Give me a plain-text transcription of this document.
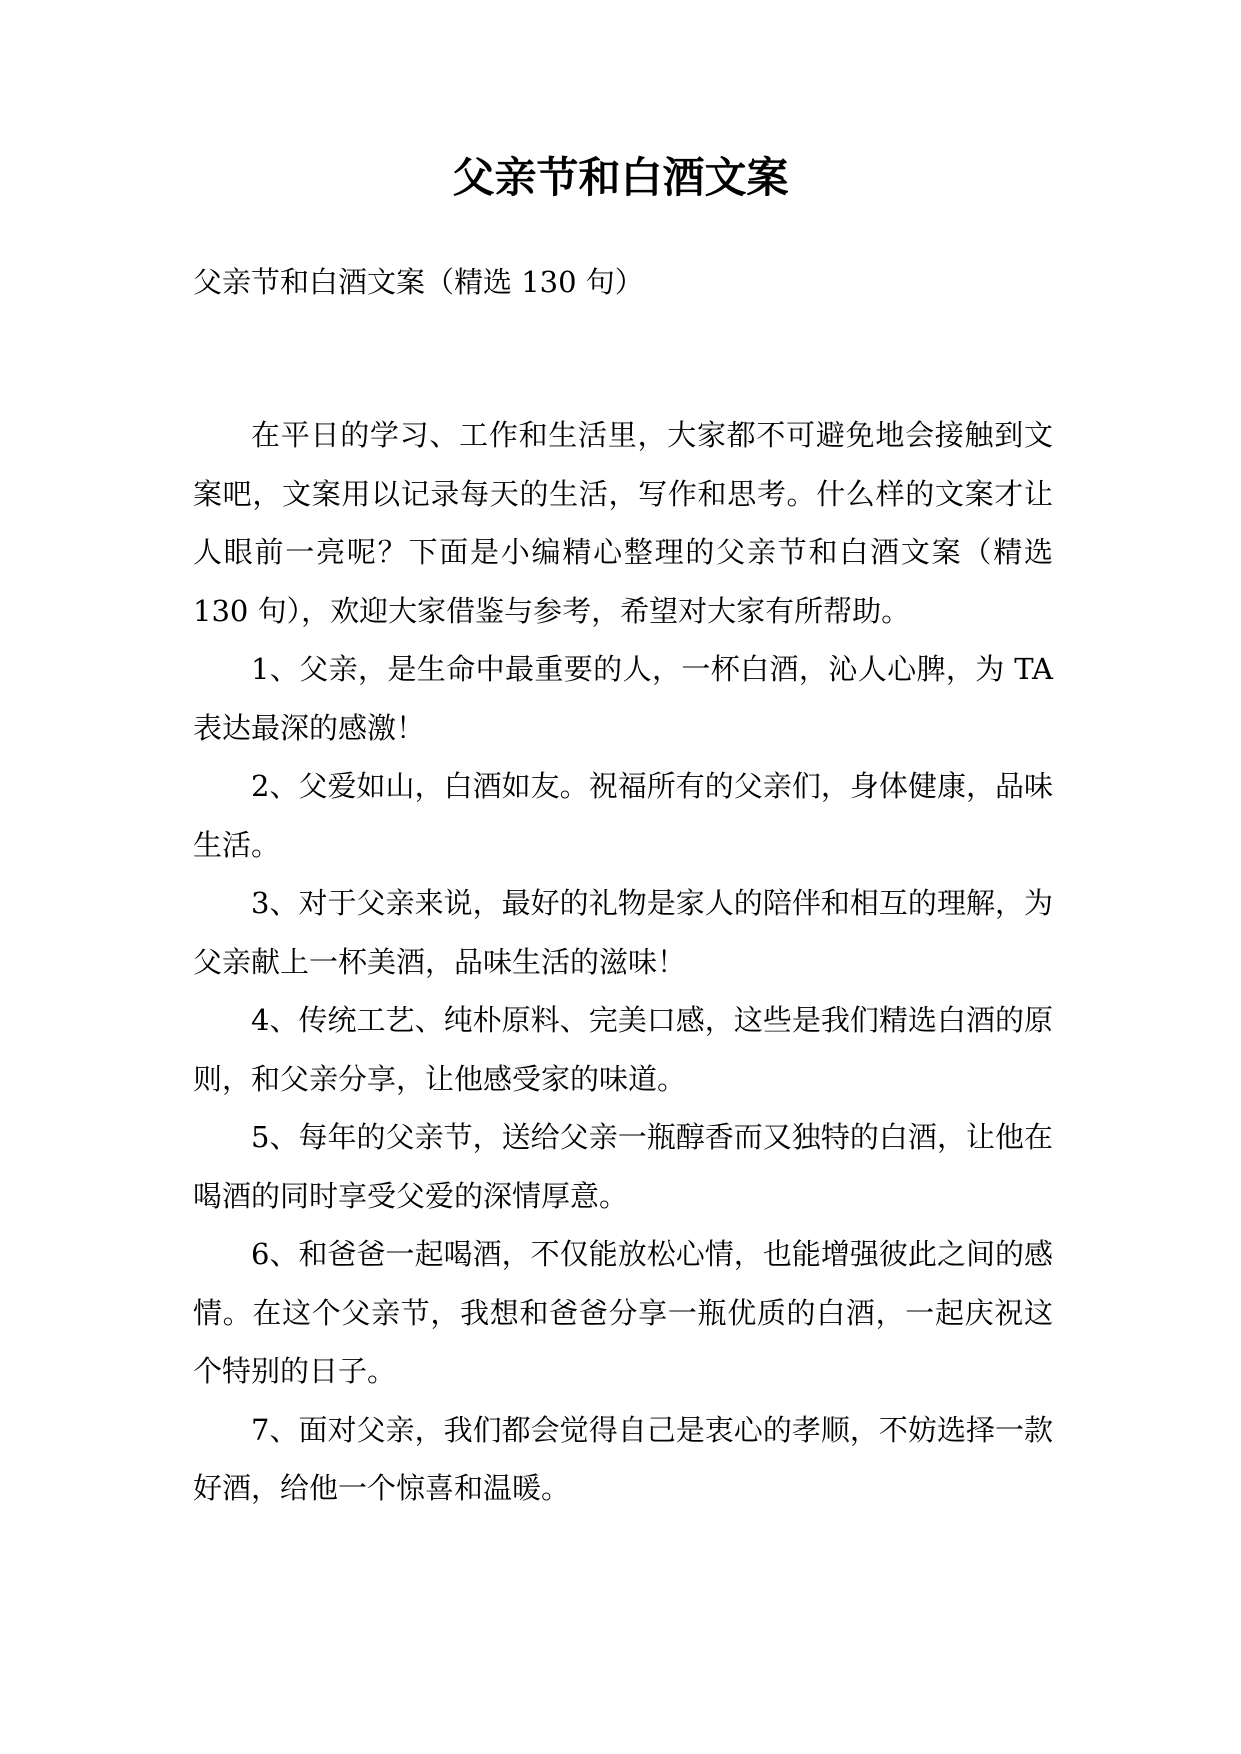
父亲节和白酒文案

父亲节和白酒文案（精选 130 句）

在平日的学习、工作和生活里，大家都不可避免地会接触到文案吧，文案用以记录每天的生活，写作和思考。什么样的文案才让人眼前一亮呢？下面是小编精心整理的父亲节和白酒文案（精选 130 句），欢迎大家借鉴与参考，希望对大家有所帮助。

1、父亲，是生命中最重要的人，一杯白酒，沁人心脾，为 TA 表达最深的感激！

2、父爱如山，白酒如友。祝福所有的父亲们，身体健康，品味生活。

3、对于父亲来说，最好的礼物是家人的陪伴和相互的理解，为父亲献上一杯美酒，品味生活的滋味！

4、传统工艺、纯朴原料、完美口感，这些是我们精选白酒的原则，和父亲分享，让他感受家的味道。

5、每年的父亲节，送给父亲一瓶醇香而又独特的白酒，让他在喝酒的同时享受父爱的深情厚意。

6、和爸爸一起喝酒，不仅能放松心情，也能增强彼此之间的感情。在这个父亲节，我想和爸爸分享一瓶优质的白酒，一起庆祝这个特别的日子。

7、面对父亲，我们都会觉得自己是衷心的孝顺，不妨选择一款好酒，给他一个惊喜和温暖。
